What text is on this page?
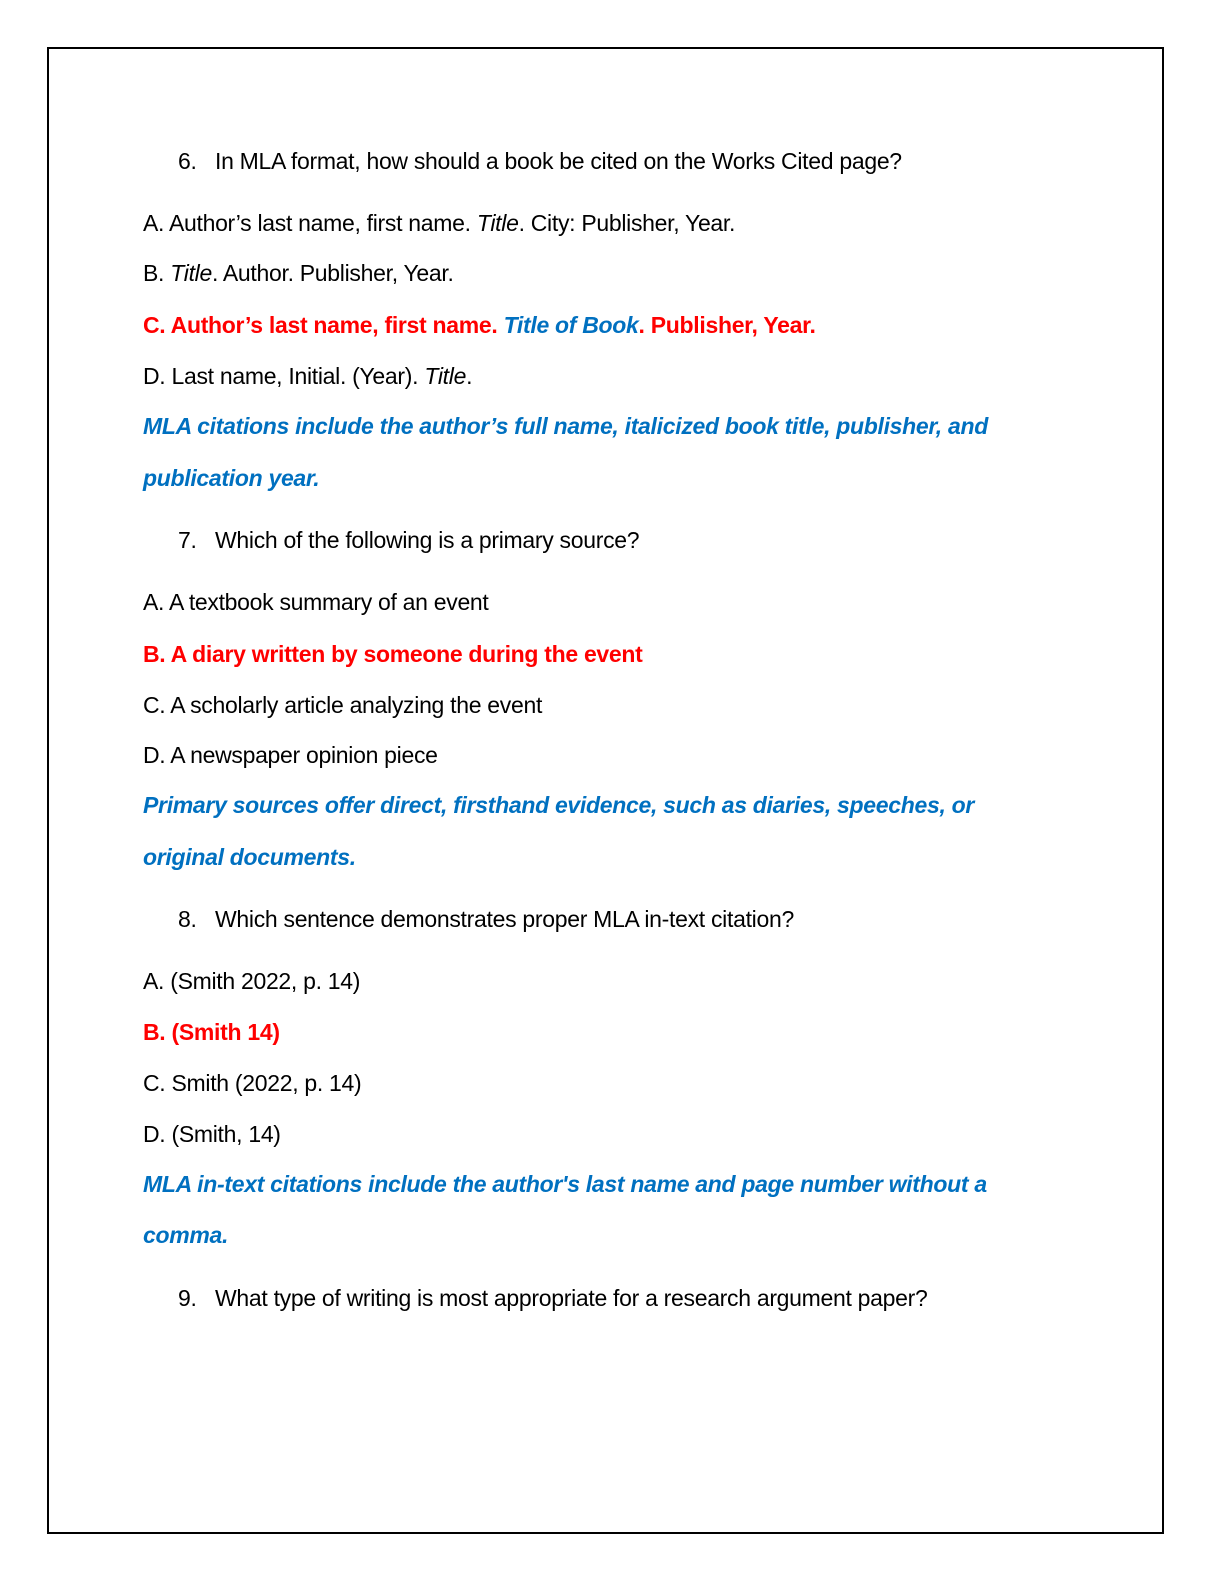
6. In MLA format, how should a book be cited on the Works Cited page?
A. Author’s last name, first name. Title. City: Publisher, Year.
B. Title. Author. Publisher, Year.
C. Author’s last name, first name. Title of Book. Publisher, Year.
D. Last name, Initial. (Year). Title.
MLA citations include the author’s full name, italicized book title, publisher, and
publication year.
7. Which of the following is a primary source?
A. A textbook summary of an event
B. A diary written by someone during the event
C. A scholarly article analyzing the event
D. A newspaper opinion piece
Primary sources offer direct, firsthand evidence, such as diaries, speeches, or
original documents.
8. Which sentence demonstrates proper MLA in-text citation?
A. (Smith 2022, p. 14)
B. (Smith 14)
C. Smith (2022, p. 14)
D. (Smith, 14)
MLA in-text citations include the author's last name and page number without a
comma.
9. What type of writing is most appropriate for a research argument paper?
